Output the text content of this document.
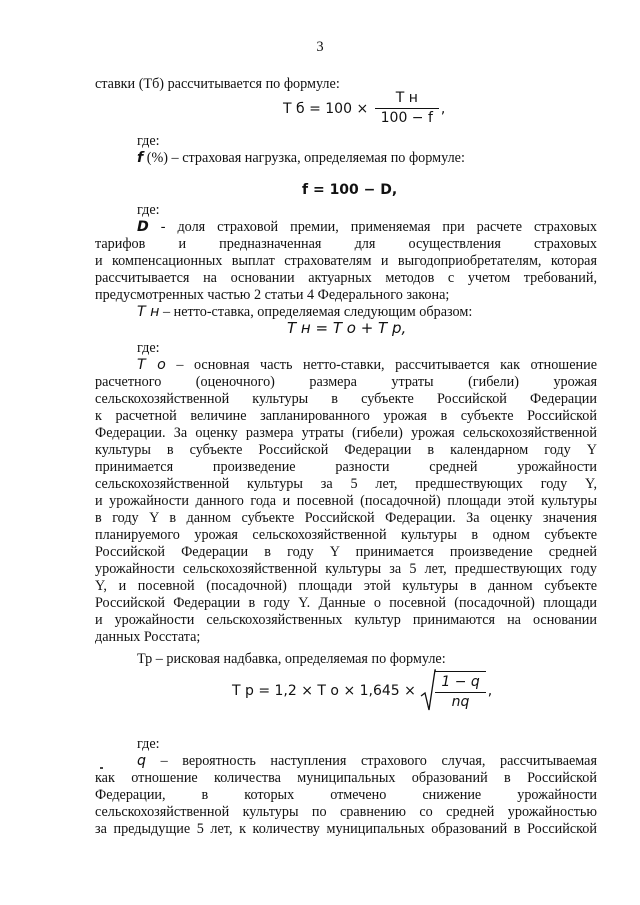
3
ставки (Тб) рассчитывается по формуле:
Т $б = 100 \times \frac{\text{Т н}}{100 - f}$ ,
где:
f (%) – страховая нагрузка, определяемая по формуле:
f = 100 − D,
где:
D - доля страховой премии, применяемая при расчете страховых
тарифов и предназначенная для осуществления страховых
и компенсационных выплат страхователям и выгодоприобретателям, которая
рассчитывается на основании актуарных методов с учетом требований,
предусмотренных частью 2 статьи 4 Федерального закона;
Т н – нетто-ставка, определяемая следующим образом:
Т н = Т о + Т р,
где:
Т о – основная часть нетто-ставки, рассчитывается как отношение
расчетного (оценочного) размера утраты (гибели) урожая
сельскохозяйственной культуры в субъекте Российской Федерации
к расчетной величине запланированного урожая в субъекте Российской
Федерации. За оценку размера утраты (гибели) урожая сельскохозяйственной
культуры в субъекте Российской Федерации в календарном году Y
принимается произведение разности средней урожайности
сельскохозяйственной культуры за 5 лет, предшествующих году Y,
и урожайности данного года и посевной (посадочной) площади этой культуры
в году Y в данном субъекте Российской Федерации. За оценку значения
планируемого урожая сельскохозяйственной культуры в одном субъекте
Российской Федерации в году Y принимается произведение средней
урожайности сельскохозяйственной культуры за 5 лет, предшествующих году
Y, и посевной (посадочной) площади этой культуры в данном субъекте
Российской Федерации в году Y. Данные о посевной (посадочной) площади
и урожайности сельскохозяйственных культур принимаются на основании
данных Росстата;
Тр – рисковая надбавка, определяемая по формуле:
Т р = 1,2 × Т $о \times 1,645 \times \frac{1 - q}{nq}$ ,
где:
q – вероятность наступления страхового случая, рассчитываемая
как отношение количества муниципальных образований в Российской
Федерации, в которых отмечено снижение урожайности
сельскохозяйственной культуры по сравнению со средней урожайностью
за предыдущие 5 лет, к количеству муниципальных образований в Российской
